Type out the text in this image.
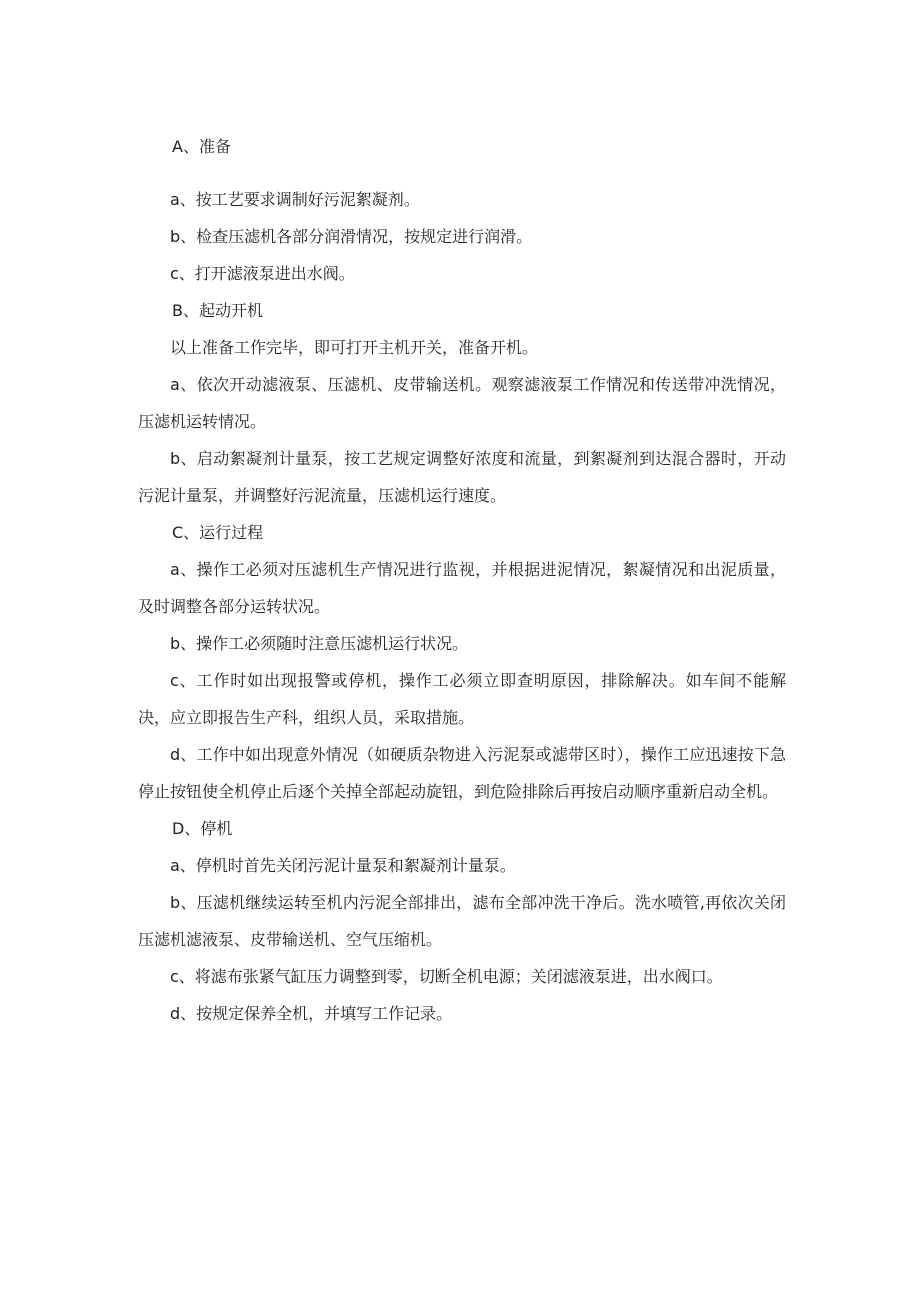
A、准备

a、按工艺要求调制好污泥絮凝剂。

b、检查压滤机各部分润滑情况，按规定进行润滑。

c、打开滤液泵进出水阀。

B、起动开机

以上准备工作完毕，即可打开主机开关，准备开机。

a、依次开动滤液泵、压滤机、皮带输送机。观察滤液泵工作情况和传送带冲洗情况，压滤机运转情况。

b、启动絮凝剂计量泵，按工艺规定调整好浓度和流量，到絮凝剂到达混合器时，开动污泥计量泵，并调整好污泥流量，压滤机运行速度。

C、运行过程

a、操作工必须对压滤机生产情况进行监视，并根据进泥情况，絮凝情况和出泥质量，及时调整各部分运转状况。

b、操作工必须随时注意压滤机运行状况。

c、工作时如出现报警或停机，操作工必须立即查明原因，排除解决。如车间不能解决，应立即报告生产科，组织人员，采取措施。

d、工作中如出现意外情况（如硬质杂物进入污泥泵或滤带区时），操作工应迅速按下急停止按钮使全机停止后逐个关掉全部起动旋钮，到危险排除后再按启动顺序重新启动全机。

D、停机

a、停机时首先关闭污泥计量泵和絮凝剂计量泵。

b、压滤机继续运转至机内污泥全部排出，滤布全部冲洗干净后。洗水喷管,再依次关闭压滤机滤液泵、皮带输送机、空气压缩机。

c、将滤布张紧气缸压力调整到零，切断全机电源；关闭滤液泵进，出水阀口。

d、按规定保养全机，并填写工作记录。
